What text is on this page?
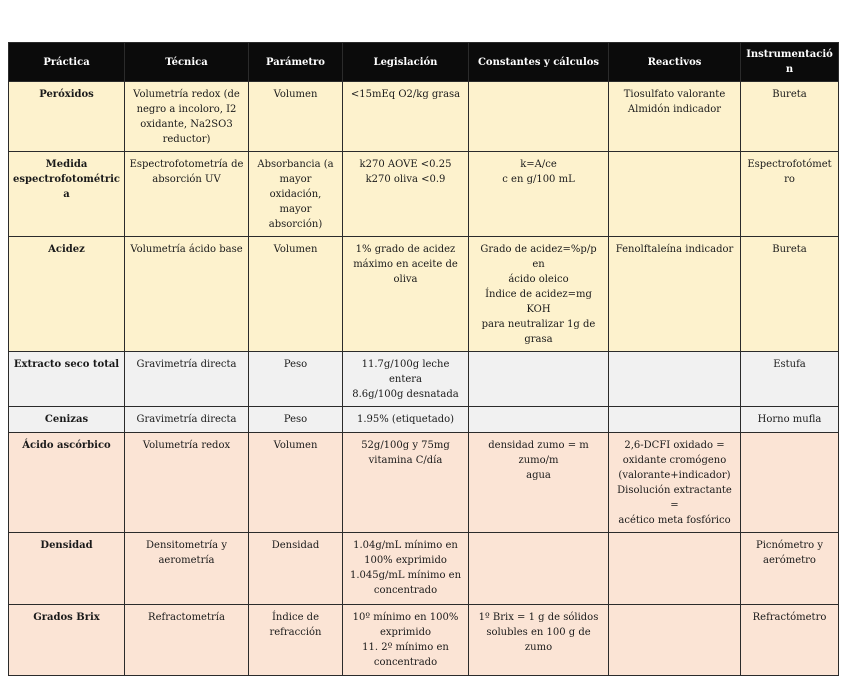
Práctica	Técnica	Parámetro	Legislación	Constantes y cálculos	Reactivos	Instrumentación

Peróxidos	Volumetría redox (de
negro a incoloro, I2
oxidante, Na2SO3
reductor)	Volumen	<15mEq O2/kg grasa		Tiosulfato valorante
Almidón indicador	Bureta

Medida
espectrofotométrica	Espectrofotometría de
absorción UV	Absorbancia (a
mayor oxidación,
mayor absorción)	k270 AOVE <0.25
k270 oliva <0.9	k=A/ce
c en g/100 mL		Espectrofotómetro

Acidez	Volumetría ácido base	Volumen	1% grado de acidez
máximo en aceite de
oliva	Grado de acidez=%p/p en
ácido oleico
Índice de acidez=mg KOH
para neutralizar 1g de grasa	Fenolftaleína indicador	Bureta

Extracto seco total	Gravimetría directa	Peso	11.7g/100g leche entera
8.6g/100g desnatada			Estufa

Cenizas	Gravimetría directa	Peso	1.95% (etiquetado)			Horno mufla

Ácido ascórbico	Volumetría redox	Volumen	52g/100g y 75mg
vitamina C/día	densidad zumo = m zumo/m
agua	2,6-DCFI oxidado =
oxidante cromógeno
(valorante+indicador)
Disolución extractante =
acético meta fosfórico	

Densidad	Densitometría y
aerometría	Densidad	1.04g/mL mínimo en
100% exprimido
1.045g/mL mínimo en
concentrado			Picnómetro y
aerómetro

Grados Brix	Refractometría	Índice de
refracción	10º mínimo en 100%
exprimido
11. 2º mínimo en
concentrado	1º Brix = 1 g de sólidos
solubles en 100 g de zumo		Refractómetro
